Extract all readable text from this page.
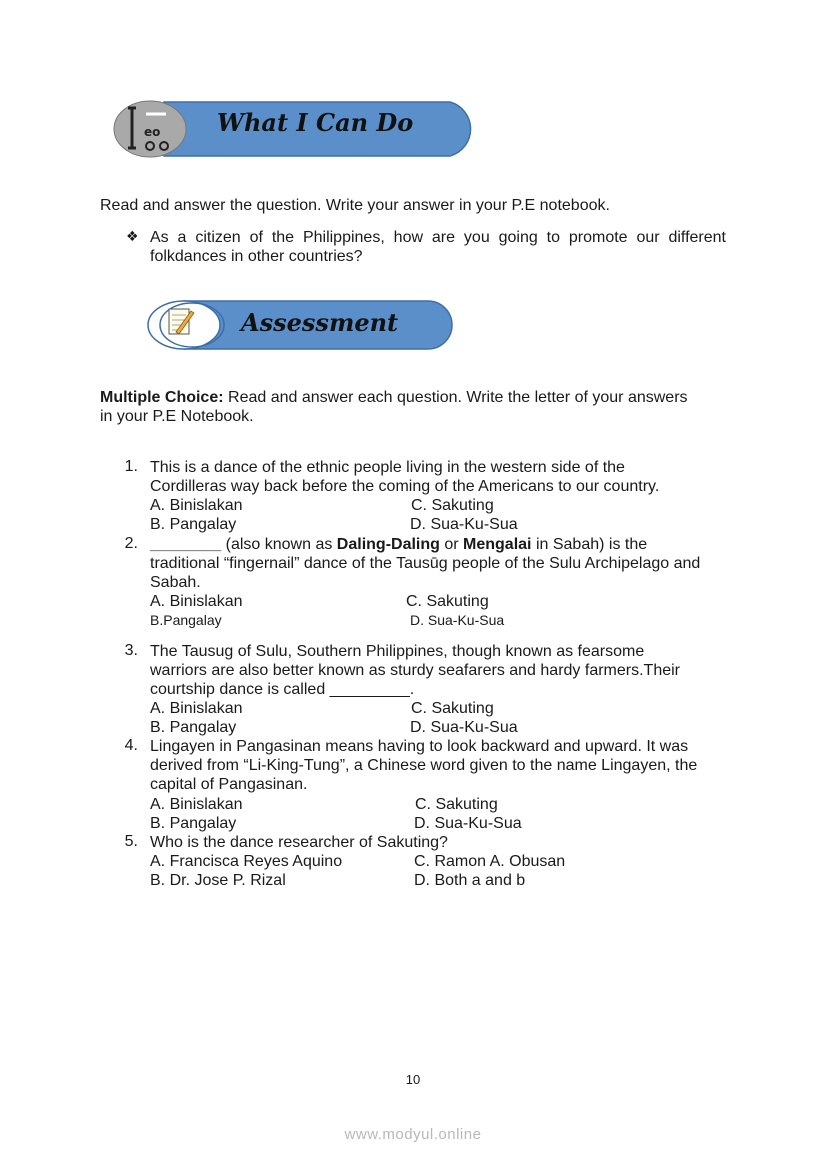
eo What I Can Do
Read and answer the question. Write your answer in your P.E notebook.
❖ As a citizen of the Philippines, how are you going to promote our different
folkdances in other countries?
Assessment
Multiple Choice: Read and answer each question. Write the letter of your answers
in your P.E Notebook.
1. This is a dance of the ethnic people living in the western side of the
Cordilleras way back before the coming of the Americans to our country.
A. Binislakan	C. Sakuting
B. Pangalay	D. Sua-Ku-Sua
2. ________ (also known as Daling-Daling or Mengalai in Sabah) is the
traditional “fingernail” dance of the Tausūg people of the Sulu Archipelago and
Sabah.
A. Binislakan	C. Sakuting
B.Pangalay	D. Sua-Ku-Sua
3. The Tausug of Sulu, Southern Philippines, though known as fearsome
warriors are also better known as sturdy seafarers and hardy farmers.Their
courtship dance is called _________.
A. Binislakan	C. Sakuting
B. Pangalay	D. Sua-Ku-Sua
4. Lingayen in Pangasinan means having to look backward and upward. It was
derived from “Li-King-Tung”, a Chinese word given to the name Lingayen, the
capital of Pangasinan.
A. Binislakan	C. Sakuting
B. Pangalay	D. Sua-Ku-Sua
5. Who is the dance researcher of Sakuting?
A. Francisca Reyes Aquino	C. Ramon A. Obusan
B. Dr. Jose P. Rizal	D. Both a and b
10
www.modyul.online
